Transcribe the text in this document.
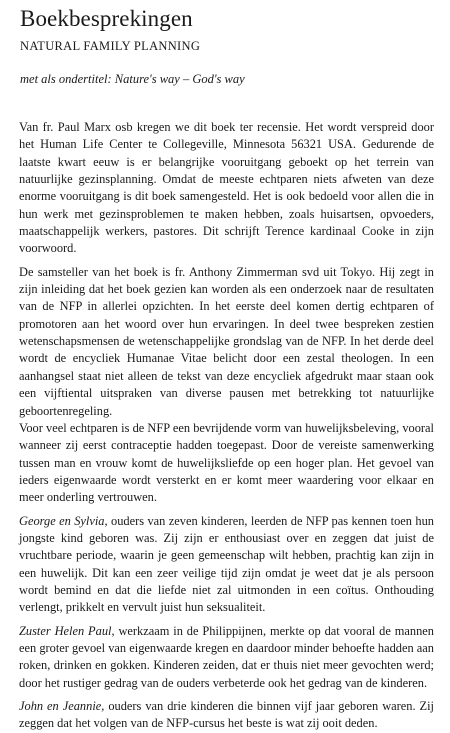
Boekbesprekingen
NATURAL FAMILY PLANNING
met als ondertitel: Nature's way – God's way

Van fr. Paul Marx osb kregen we dit boek ter recensie. Het wordt verspreid door het Human Life Center te Collegeville, Minnesota 56321 USA. Gedurende de laatste kwart eeuw is er belangrijke vooruitgang geboekt op het terrein van natuurlijke gezinsplanning. Omdat de meeste echtparen niets afweten van deze enorme vooruitgang is dit boek samengesteld. Het is ook bedoeld voor allen die in hun werk met gezinsproblemen te maken hebben, zoals huisartsen, opvoeders, maatschappelijk werkers, pastores. Dit schrijft Terence kardinaal Cooke in zijn voorwoord.

De samsteller van het boek is fr. Anthony Zimmerman svd uit Tokyo. Hij zegt in zijn inleiding dat het boek gezien kan worden als een onderzoek naar de resultaten van de NFP in allerlei opzichten. In het eerste deel komen dertig echtparen of promotoren aan het woord over hun ervaringen. In deel twee bespreken zestien wetenschapsmensen de wetenschappelijke grondslag van de NFP. In het derde deel wordt de encycliek Humanae Vitae belicht door een zestal theologen. In een aanhangsel staat niet alleen de tekst van deze encycliek afgedrukt maar staan ook een vijftiental uitspraken van diverse pausen met betrekking tot natuurlijke geboortenregeling.

Voor veel echtparen is de NFP een bevrijdende vorm van huwelijksbeleving, vooral wanneer zij eerst contraceptie hadden toegepast. Door de vereiste samenwerking tussen man en vrouw komt de huwelijksliefde op een hoger plan. Het gevoel van ieders eigenwaarde wordt versterkt en er komt meer waardering voor elkaar en meer onderling vertrouwen.

George en Sylvia, ouders van zeven kinderen, leerden de NFP pas kennen toen hun jongste kind geboren was. Zij zijn er enthousiast over en zeggen dat juist de vruchtbare periode, waarin je geen gemeenschap wilt hebben, prachtig kan zijn in een huwelijk. Dit kan een zeer veilige tijd zijn omdat je weet dat je als persoon wordt bemind en dat die liefde niet zal uitmonden in een coïtus. Onthouding verlengt, prikkelt en vervult juist hun seksualiteit.

Zuster Helen Paul, werkzaam in de Philippijnen, merkte op dat vooral de mannen een groter gevoel van eigenwaarde kregen en daardoor minder behoefte hadden aan roken, drinken en gokken. Kinderen zeiden, dat er thuis niet meer gevochten werd; door het rustiger gedrag van de ouders verbeterde ook het gedrag van de kinderen.

John en Jeannie, ouders van drie kinderen die binnen vijf jaar geboren waren. Zij zeggen dat het volgen van de NFP-cursus het beste is wat zij ooit deden.
